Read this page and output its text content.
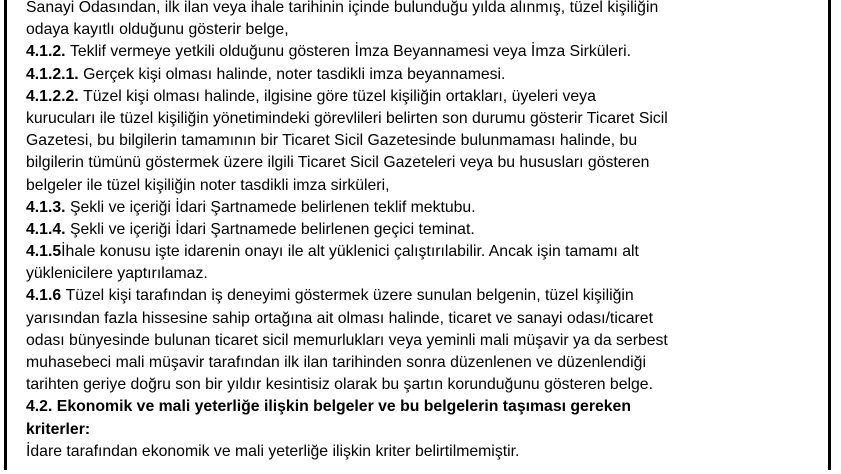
Sanayi Odasından, ilk ilan veya ihale tarihinin içinde bulunduğu yılda alınmış, tüzel kişiliğin
odaya kayıtlı olduğunu gösterir belge,
4.1.2. Teklif vermeye yetkili olduğunu gösteren İmza Beyannamesi veya İmza Sirküleri.
4.1.2.1. Gerçek kişi olması halinde, noter tasdikli imza beyannamesi.
4.1.2.2. Tüzel kişi olması halinde, ilgisine göre tüzel kişiliğin ortakları, üyeleri veya
kurucuları ile tüzel kişiliğin yönetimindeki görevlileri belirten son durumu gösterir Ticaret Sicil
Gazetesi, bu bilgilerin tamamının bir Ticaret Sicil Gazetesinde bulunmaması halinde, bu
bilgilerin tümünü göstermek üzere ilgili Ticaret Sicil Gazeteleri veya bu hususları gösteren
belgeler ile tüzel kişiliğin noter tasdikli imza sirküleri,
4.1.3. Şekli ve içeriği İdari Şartnamede belirlenen teklif mektubu.
4.1.4. Şekli ve içeriği İdari Şartnamede belirlenen geçici teminat.
4.1.5İhale konusu işte idarenin onayı ile alt yüklenici çalıştırılabilir. Ancak işin tamamı alt
yüklenicilere yaptırılamaz.
4.1.6 Tüzel kişi tarafından iş deneyimi göstermek üzere sunulan belgenin, tüzel kişiliğin
yarısından fazla hissesine sahip ortağına ait olması halinde, ticaret ve sanayi odası/ticaret
odası bünyesinde bulunan ticaret sicil memurlukları veya yeminli mali müşavir ya da serbest
muhasebeci mali müşavir tarafından ilk ilan tarihinden sonra düzenlenen ve düzenlendiği
tarihten geriye doğru son bir yıldır kesintisiz olarak bu şartın korunduğunu gösteren belge.
4.2. Ekonomik ve mali yeterliğe ilişkin belgeler ve bu belgelerin taşıması gereken
kriterler:
İdare tarafından ekonomik ve mali yeterliğe ilişkin kriter belirtilmemiştir.
